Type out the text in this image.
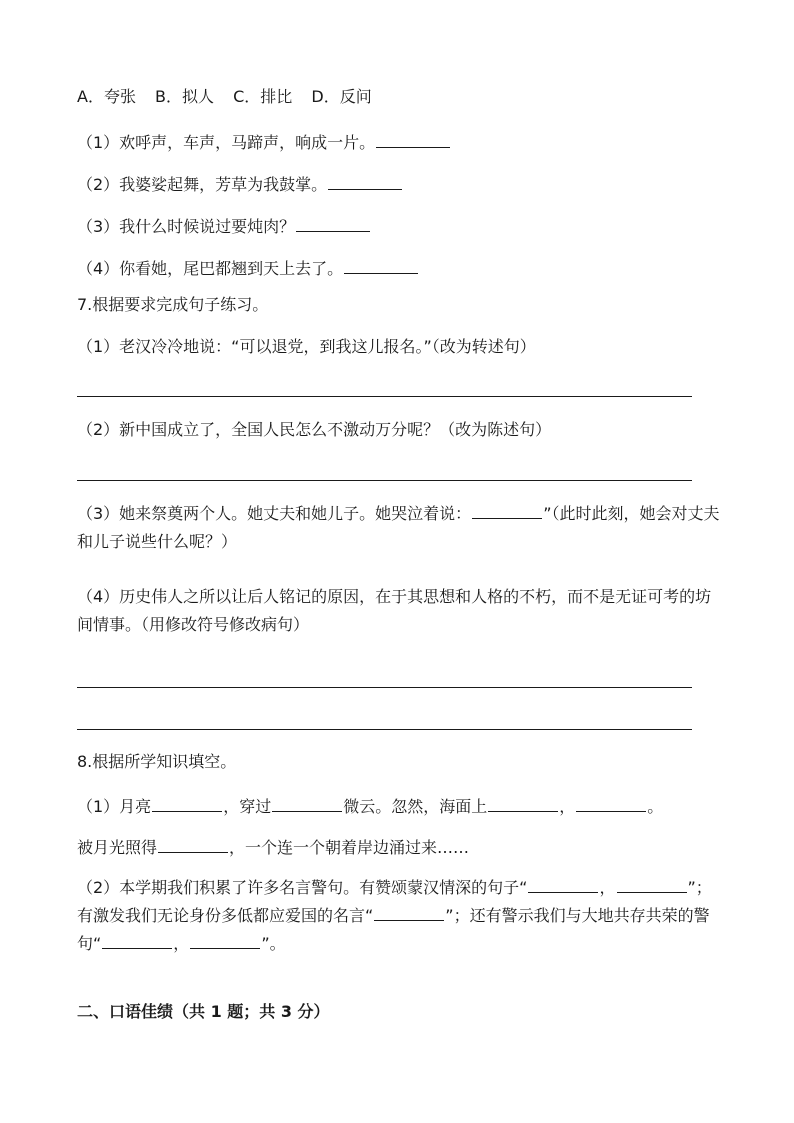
A．夸张 B．拟人 C．排比 D．反问
（1）欢呼声，车声，马蹄声，响成一片。
（2）我婆娑起舞，芳草为我鼓掌。
（3）我什么时候说过要炖肉？
（4）你看她，尾巴都翘到天上去了。
7.根据要求完成句子练习。
（1）老汉冷冷地说：“可以退党，到我这儿报名。”（改为转述句）
（2）新中国成立了，全国人民怎么不激动万分呢？（改为陈述句）
（3）她来祭奠两个人。她丈夫和她儿子。她哭泣着说：	”（此时此刻，她会对丈夫和儿子说些什么呢？）
（4）历史伟人之所以让后人铭记的原因，在于其思想和人格的不朽，而不是无证可考的坊间情事。（用修改符号修改病句）
8.根据所学知识填空。
（1）月亮	，穿过	微云。忽然，海面上	，	。
被月光照得	，一个连一个朝着岸边涌过来……
（2）本学期我们积累了许多名言警句。有赞颂蒙汉情深的句子“	，	”；有激发我们无论身份多低都应爱国的名言“	”；还有警示我们与大地共存共荣的警句“	，	”。
二、口语佳绩（共 1 题；共 3 分）
